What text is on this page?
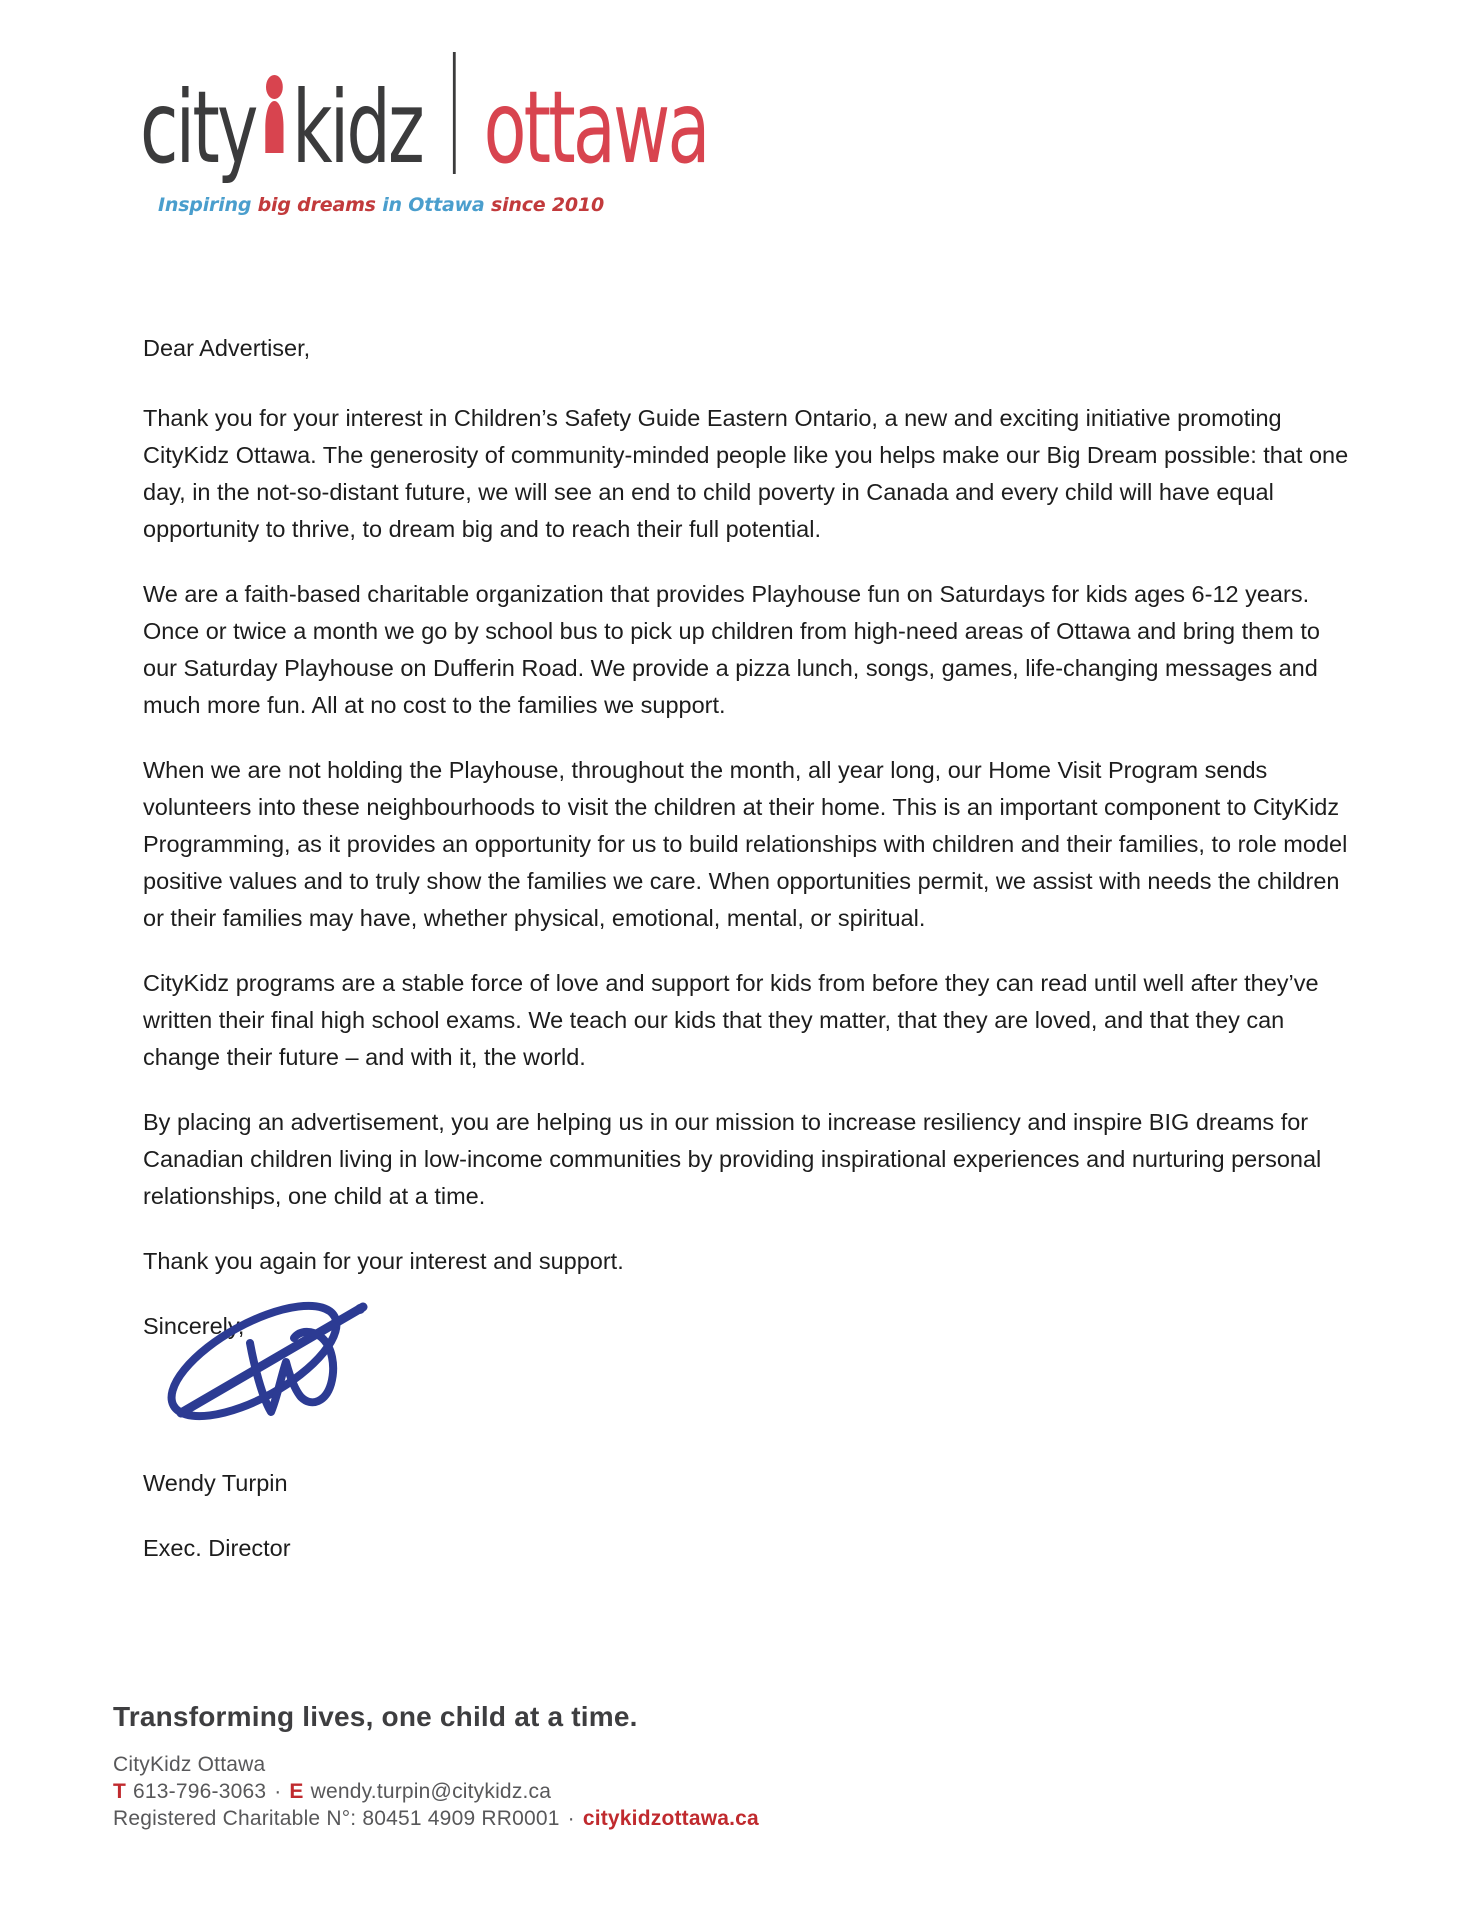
city kidz ottawa
Inspiring big dreams in Ottawa since 2010

Dear Advertiser,

Thank you for your interest in Children’s Safety Guide Eastern Ontario, a new and exciting initiative promoting CityKidz Ottawa. The generosity of community-minded people like you helps make our Big Dream possible: that one day, in the not-so-distant future, we will see an end to child poverty in Canada and every child will have equal opportunity to thrive, to dream big and to reach their full potential.

We are a faith-based charitable organization that provides Playhouse fun on Saturdays for kids ages 6-12 years. Once or twice a month we go by school bus to pick up children from high-need areas of Ottawa and bring them to our Saturday Playhouse on Dufferin Road. We provide a pizza lunch, songs, games, life-changing messages and much more fun. All at no cost to the families we support.

When we are not holding the Playhouse, throughout the month, all year long, our Home Visit Program sends volunteers into these neighbourhoods to visit the children at their home. This is an important component to CityKidz Programming, as it provides an opportunity for us to build relationships with children and their families, to role model positive values and to truly show the families we care. When opportunities permit, we assist with needs the children or their families may have, whether physical, emotional, mental, or spiritual.

CityKidz programs are a stable force of love and support for kids from before they can read until well after they’ve written their final high school exams. We teach our kids that they matter, that they are loved, and that they can change their future – and with it, the world.

By placing an advertisement, you are helping us in our mission to increase resiliency and inspire BIG dreams for Canadian children living in low-income communities by providing inspirational experiences and nurturing personal relationships, one child at a time.

Thank you again for your interest and support.

Sincerely,

Wendy Turpin

Exec. Director

Transforming lives, one child at a time.
CityKidz Ottawa
T 613-796-3063 · E wendy.turpin@citykidz.ca
Registered Charitable N°: 80451 4909 RR0001 · citykidzottawa.ca
